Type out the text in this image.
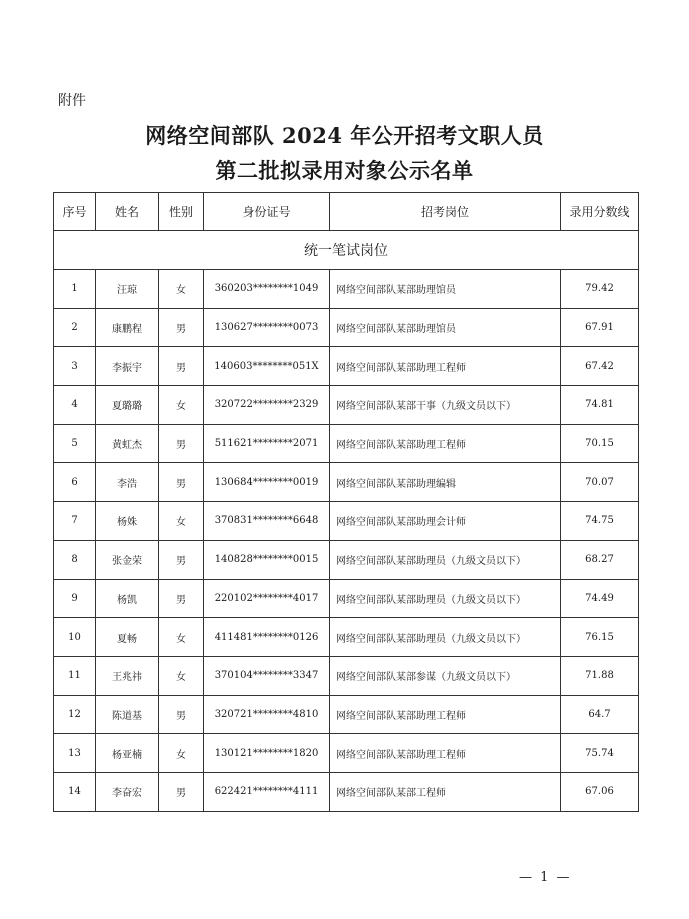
附件
网络空间部队 2024 年公开招考文职人员
第二批拟录用对象公示名单
序号	姓名	性别	身份证号	招考岗位	录用分数线
统一笔试岗位					
1	汪琼	女	360203********1049	网络空间部队某部助理馆员	79.42
2	康鹏程	男	130627********0073	网络空间部队某部助理馆员	67.91
3	李振宇	男	140603********051X	网络空间部队某部助理工程师	67.42
4	夏璐璐	女	320722********2329	网络空间部队某部干事（九级文员以下）	74.81
5	黄虹杰	男	511621********2071	网络空间部队某部助理工程师	70.15
6	李浩	男	130684********0019	网络空间部队某部助理编辑	70.07
7	杨姝	女	370831********6648	网络空间部队某部助理会计师	74.75
8	张金荣	男	140828********0015	网络空间部队某部助理员（九级文员以下）	68.27
9	杨凯	男	220102********4017	网络空间部队某部助理员（九级文员以下）	74.49
10	夏畅	女	411481********0126	网络空间部队某部助理员（九级文员以下）	76.15
11	王兆祎	女	370104********3347	网络空间部队某部参谋（九级文员以下）	71.88
12	陈道基	男	320721********4810	网络空间部队某部助理工程师	64.7
13	杨亚楠	女	130121********1820	网络空间部队某部助理工程师	75.74
14	李奋宏	男	622421********4111	网络空间部队某部工程师	67.06
— 1 —
